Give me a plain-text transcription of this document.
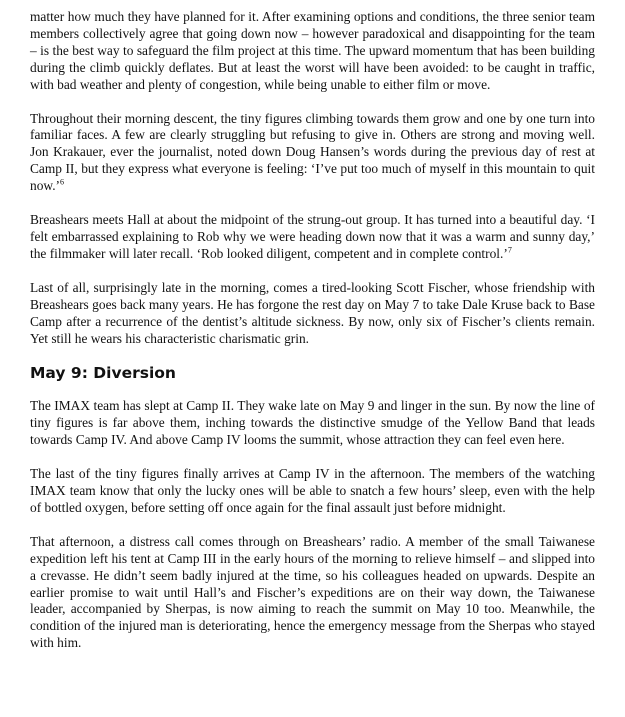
matter how much they have planned for it. After examining options and conditions, the three senior team members collectively agree that going down now – however paradoxical and disappointing for the team – is the best way to safeguard the film project at this time. The upward momentum that has been building during the climb quickly deflates. But at least the worst will have been avoided: to be caught in traffic, with bad weather and plenty of congestion, while being unable to either film or move.

Throughout their morning descent, the tiny figures climbing towards them grow and one by one turn into familiar faces. A few are clearly struggling but refusing to give in. Others are strong and moving well. Jon Krakauer, ever the journalist, noted down Doug Hansen’s words during the previous day of rest at Camp II, but they express what everyone is feeling: ‘I’ve put too much of myself in this mountain to quit now.’$^6$

Breashears meets Hall at about the midpoint of the strung-out group. It has turned into a beautiful day. ‘I felt embarrassed explaining to Rob why we were heading down now that it was a warm and sunny day,’ the filmmaker will later recall. ‘Rob looked diligent, competent and in complete control.’$^7$

Last of all, surprisingly late in the morning, comes a tired-looking Scott Fischer, whose friendship with Breashears goes back many years. He has forgone the rest day on May 7 to take Dale Kruse back to Base Camp after a recurrence of the dentist’s altitude sickness. By now, only six of Fischer’s clients remain. Yet still he wears his characteristic charismatic grin.

May 9: Diversion

The IMAX team has slept at Camp II. They wake late on May 9 and linger in the sun. By now the line of tiny figures is far above them, inching towards the distinctive smudge of the Yellow Band that leads towards Camp IV. And above Camp IV looms the summit, whose attraction they can feel even here.

The last of the tiny figures finally arrives at Camp IV in the afternoon. The members of the watching IMAX team know that only the lucky ones will be able to snatch a few hours’ sleep, even with the help of bottled oxygen, before setting off once again for the final assault just before midnight.

That afternoon, a distress call comes through on Breashears’ radio. A member of the small Taiwanese expedition left his tent at Camp III in the early hours of the morning to relieve himself – and slipped into a crevasse. He didn’t seem badly injured at the time, so his colleagues headed on upwards. Despite an earlier promise to wait until Hall’s and Fischer’s expeditions are on their way down, the Taiwanese leader, accompanied by Sherpas, is now aiming to reach the summit on May 10 too. Meanwhile, the condition of the injured man is deteriorating, hence the emergency message from the Sherpas who stayed with him.
